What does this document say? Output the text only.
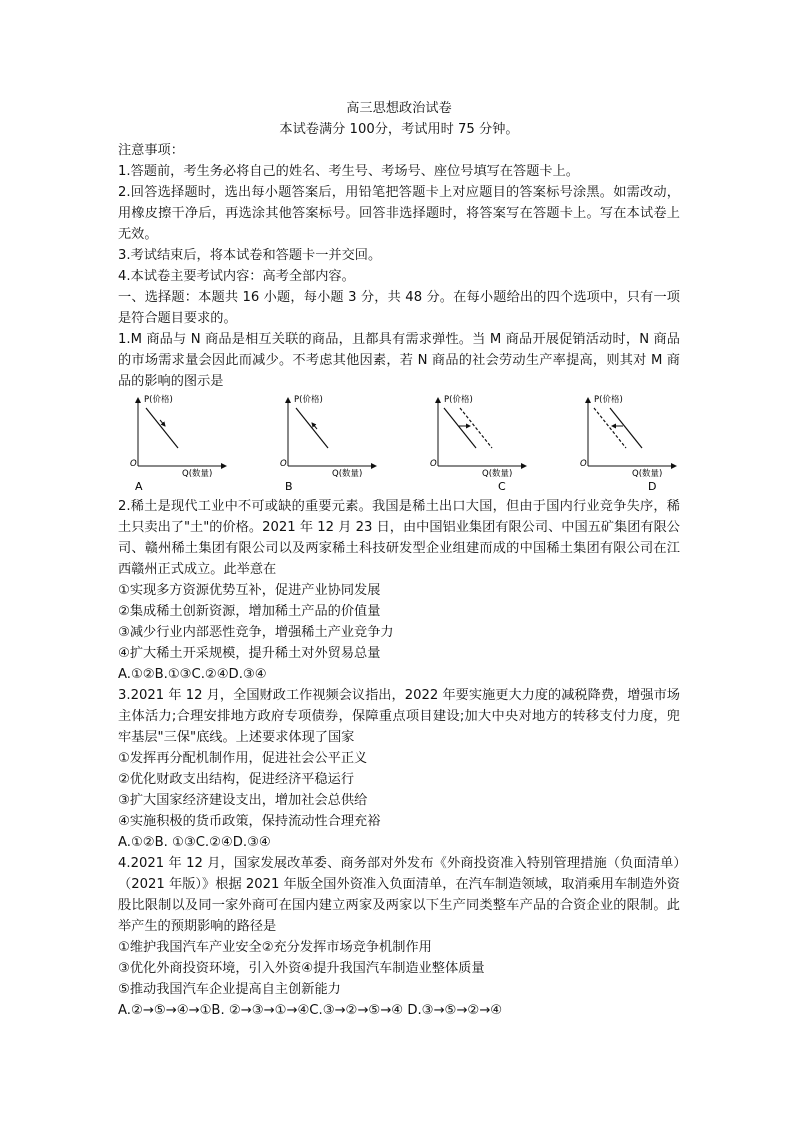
高三思想政治试卷
本试卷满分 100分，考试用时 75 分钟。
注意事项：
1.答题前，考生务必将自己的姓名、考生号、考场号、座位号填写在答题卡上。
2.回答选择题时，选出每小题答案后，用铅笔把答题卡上对应题目的答案标号涂黑。如需改动，用橡皮擦干净后，再选涂其他答案标号。回答非选择题时，将答案写在答题卡上。写在本试卷上无效。
3.考试结束后，将本试卷和答题卡一并交回。
4.本试卷主要考试内容：高考全部内容。
一、选择题：本题共 16 小题，每小题 3 分，共 48 分。在每小题给出的四个选项中，只有一项是符合题目要求的。
1.M 商品与 N 商品是相互关联的商品，且都具有需求弹性。当 M 商品开展促销活动时，N 商品的市场需求量会因此而减少。不考虑其他因素，若 N 商品的社会劳动生产率提高，则其对 M 商品的影响的图示是
P(价格)
O
Q(数量)
A
P(价格)
O
Q(数量)
B
P(价格)
O
Q(数量)
C
P(价格)
O
Q(数量)
D
2.稀土是现代工业中不可或缺的重要元素。我国是稀土出口大国，但由于国内行业竞争失序，稀土只卖出了"土"的价格。2021 年 12 月 23 日，由中国铝业集团有限公司、中国五矿集团有限公司、赣州稀土集团有限公司以及两家稀土科技研发型企业组建而成的中国稀土集团有限公司在江西赣州正式成立。此举意在
①实现多方资源优势互补，促进产业协同发展
②集成稀土创新资源，增加稀土产品的价值量
③减少行业内部恶性竞争，增强稀土产业竞争力
④扩大稀土开采规模，提升稀土对外贸易总量
A.①②B.①③C.②④D.③④
3.2021 年 12 月，全国财政工作视频会议指出，2022 年要实施更大力度的减税降费，增强市场主体活力;合理安排地方政府专项债券，保障重点项目建设;加大中央对地方的转移支付力度，兜牢基层"三保"底线。上述要求体现了国家
①发挥再分配机制作用，促进社会公平正义
②优化财政支出结构，促进经济平稳运行
③扩大国家经济建设支出，增加社会总供给
④实施积极的货币政策，保持流动性合理充裕
A.①②B. ①③C.②④D.③④
4.2021 年 12 月，国家发展改革委、商务部对外发布《外商投资准入特别管理措施（负面清单）（2021 年版）》根据 2021 年版全国外资准入负面清单，在汽车制造领域，取消乘用车制造外资股比限制以及同一家外商可在国内建立两家及两家以下生产同类整车产品的合资企业的限制。此举产生的预期影响的路径是
①维护我国汽车产业安全②充分发挥市场竞争机制作用
③优化外商投资环境，引入外资④提升我国汽车制造业整体质量
⑤推动我国汽车企业提高自主创新能力
A.②→⑤→④→①B. ②→③→①→④C.③→②→⑤→④ D.③→⑤→②→④
